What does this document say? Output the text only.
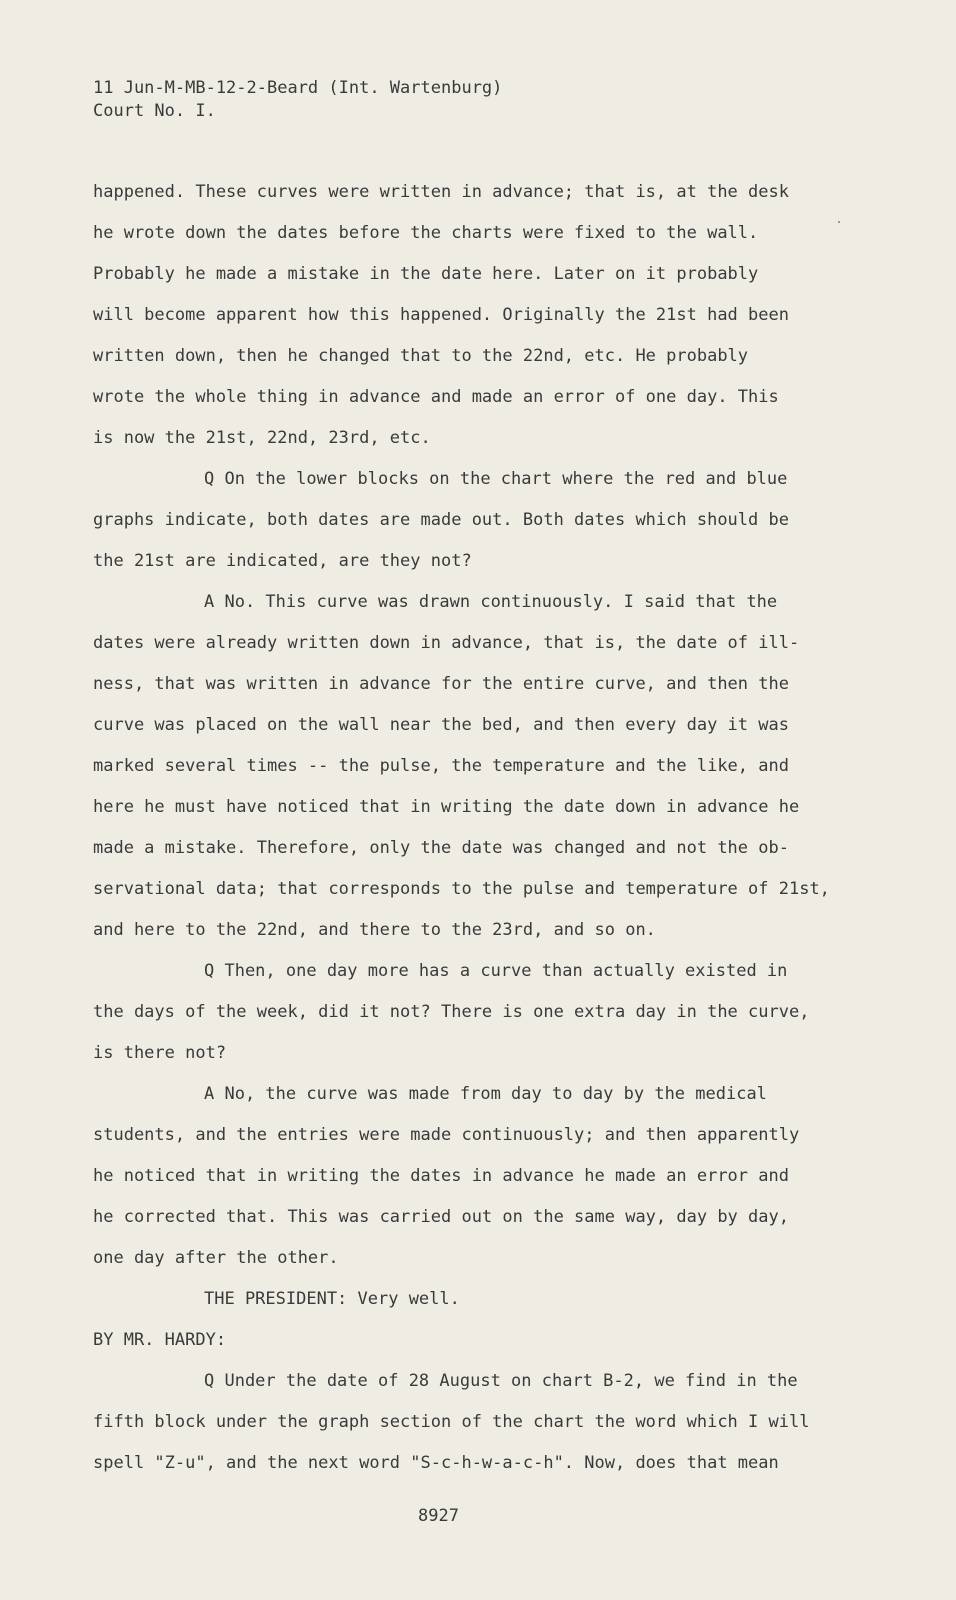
11 Jun-M-MB-12-2-Beard (Int. Wartenburg)
Court No. I.
happened. These curves were written in advance; that is, at the desk
he wrote down the dates before the charts were fixed to the wall.
Probably he made a mistake in the date here. Later on it probably
will become apparent how this happened. Originally the 21st had been
written down, then he changed that to the 22nd, etc. He probably
wrote the whole thing in advance and made an error of one day. This
is now the 21st, 22nd, 23rd, etc.
Q On the lower blocks on the chart where the red and blue
graphs indicate, both dates are made out. Both dates which should be
the 21st are indicated, are they not?
A No. This curve was drawn continuously. I said that the
dates were already written down in advance, that is, the date of ill-
ness, that was written in advance for the entire curve, and then the
curve was placed on the wall near the bed, and then every day it was
marked several times -- the pulse, the temperature and the like, and
here he must have noticed that in writing the date down in advance he
made a mistake. Therefore, only the date was changed and not the ob-
servational data; that corresponds to the pulse and temperature of 21st,
and here to the 22nd, and there to the 23rd, and so on.
Q Then, one day more has a curve than actually existed in
the days of the week, did it not? There is one extra day in the curve,
is there not?
A No, the curve was made from day to day by the medical
students, and the entries were made continuously; and then apparently
he noticed that in writing the dates in advance he made an error and
he corrected that. This was carried out on the same way, day by day,
one day after the other.
THE PRESIDENT: Very well.
BY MR. HARDY:
Q Under the date of 28 August on chart B-2, we find in the
fifth block under the graph section of the chart the word which I will
spell "Z-u", and the next word "S-c-h-w-a-c-h". Now, does that mean
8927
